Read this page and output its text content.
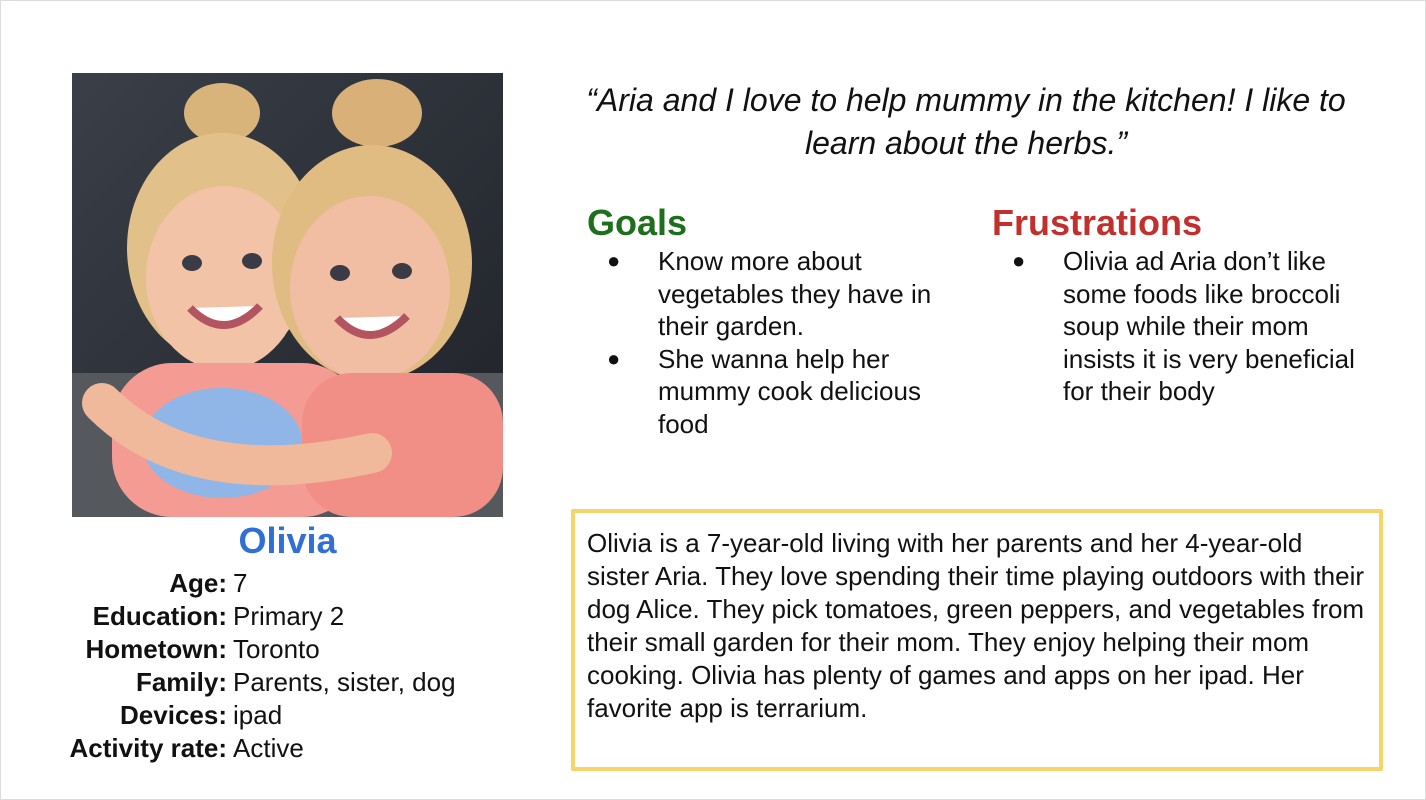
Olivia
Age: 7
Education: Primary 2
Hometown: Toronto
Family: Parents, sister, dog
Devices: ipad
Activity rate: Active
“Aria and I love to help mummy in the kitchen! I like to learn about the herbs.”
Goals
● Know more about vegetables they have in their garden.
● She wanna help her mummy cook delicious food
Frustrations
● Olivia ad Aria don’t like some foods like broccoli soup while their mom insists it is very beneficial for their body

Olivia is a 7-year-old living with her parents and her 4-year-old sister Aria. They love spending their time playing outdoors with their dog Alice. They pick tomatoes, green peppers, and vegetables from their small garden for their mom. They enjoy helping their mom cooking. Olivia has plenty of games and apps on her ipad. Her favorite app is terrarium.
